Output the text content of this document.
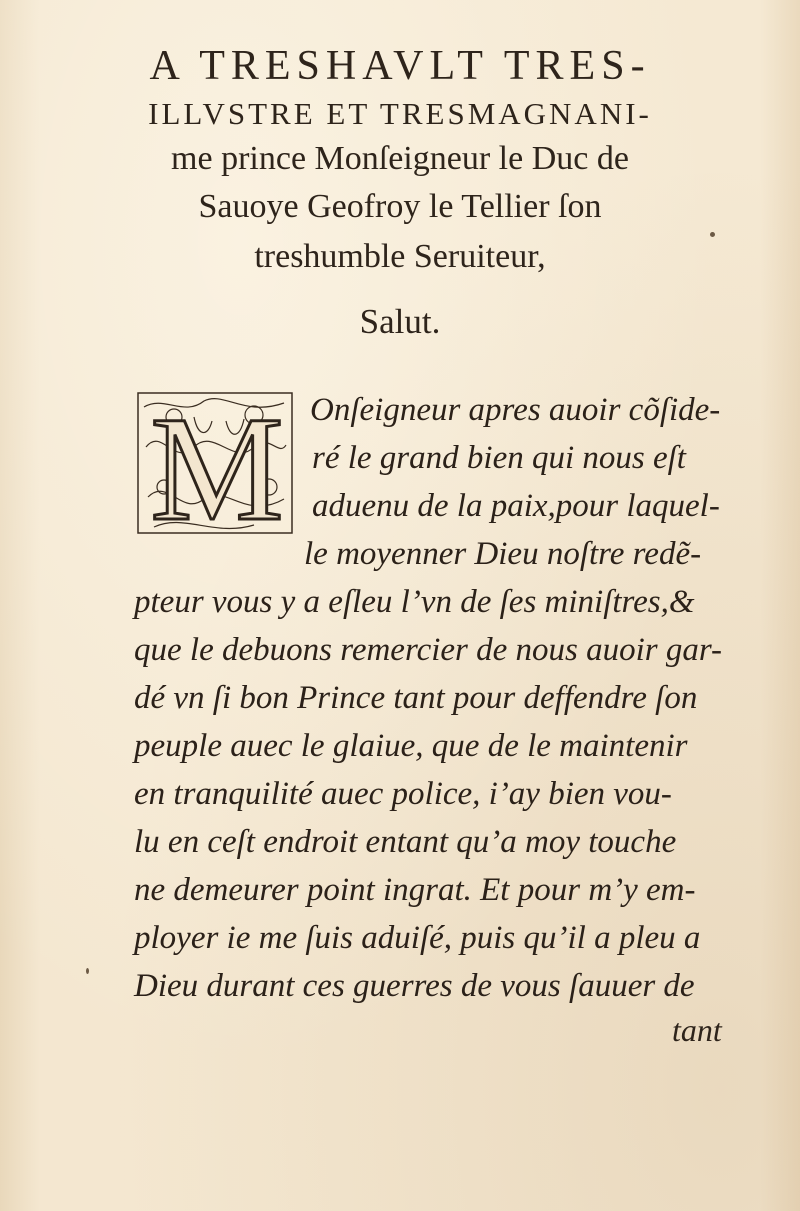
A TRESHAVLT TRES-
ILLVSTRE ET TRESMAGNANI-
me prince Monſeigneur le Duc de
Sauoye Geofroy le Tellier ſon
treshumble Seruiteur,
Salut.
M Onſeigneur apres auoir cõſide-
ré le grand bien qui nous eſt
aduenu de la paix,pour laquel-
le moyenner Dieu noſtre redẽ-
pteur vous y a eſleu l’vn de ſes miniſtres,&
que le debuons remercier de nous auoir gar-
dé vn ſi bon Prince tant pour deffendre ſon
peuple auec le glaiue, que de le maintenir
en tranquilité auec police, i’ay bien vou-
lu en ceſt endroit entant qu’a moy touche
ne demeurer point ingrat. Et pour m’y em-
ployer ie me ſuis aduiſé, puis qu’il a pleu a
Dieu durant ces guerres de vous ſauuer de
tant
